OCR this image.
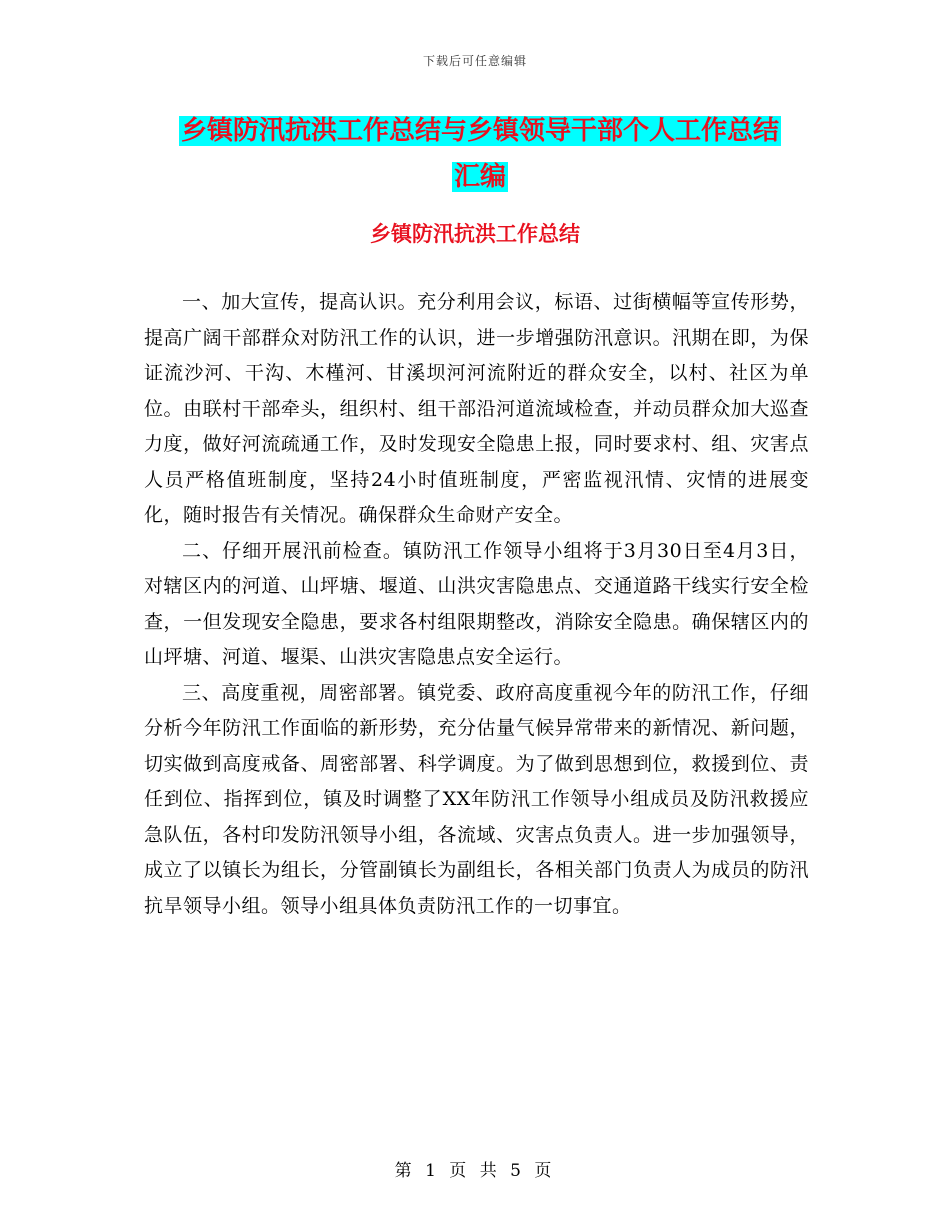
下载后可任意编辑
乡镇防汛抗洪工作总结与乡镇领导干部个人工作总结
汇编
乡镇防汛抗洪工作总结

一、加大宣传，提高认识。充分利用会议，标语、过街横幅等宣传形势，提高广阔干部群众对防汛工作的认识，进一步增强防汛意识。汛期在即，为保证流沙河、干沟、木槿河、甘溪坝河河流附近的群众安全，以村、社区为单位。由联村干部牵头，组织村、组干部沿河道流域检查，并动员群众加大巡查力度，做好河流疏通工作，及时发现安全隐患上报，同时要求村、组、灾害点人员严格值班制度，坚持24小时值班制度，严密监视汛情、灾情的进展变化，随时报告有关情况。确保群众生命财产安全。

二、仔细开展汛前检查。镇防汛工作领导小组将于3月30日至4月3日，对辖区内的河道、山坪塘、堰道、山洪灾害隐患点、交通道路干线实行安全检查，一但发现安全隐患，要求各村组限期整改，消除安全隐患。确保辖区内的山坪塘、河道、堰渠、山洪灾害隐患点安全运行。

三、高度重视，周密部署。镇党委、政府高度重视今年的防汛工作，仔细分析今年防汛工作面临的新形势，充分估量气候异常带来的新情况、新问题，切实做到高度戒备、周密部署、科学调度。为了做到思想到位，救援到位、责任到位、指挥到位，镇及时调整了XX年防汛工作领导小组成员及防汛救援应急队伍，各村印发防汛领导小组，各流域、灾害点负责人。进一步加强领导，成立了以镇长为组长，分管副镇长为副组长，各相关部门负责人为成员的防汛抗旱领导小组。领导小组具体负责防汛工作的一切事宜。

第 1 页 共 5 页
